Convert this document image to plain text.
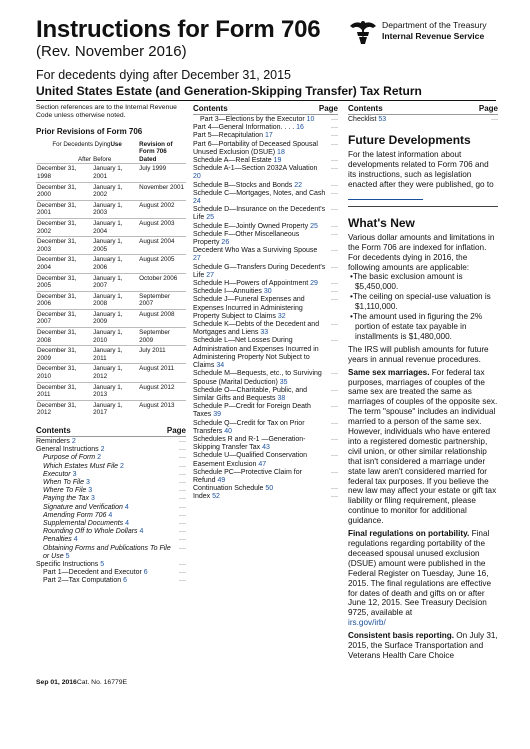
Instructions for Form 706
(Rev. November 2016)
For decedents dying after December 31, 2015
United States Estate (and Generation-Skipping Transfer) Tax Return
Department of the Treasury
Internal Revenue Service
Section references are to the Internal Revenue Code unless otherwise noted.
Prior Revisions of Form 706
For Decedents DyingUse		Revision of
Form 706

After	Before	Dated
December 31, 1998	January 1, 2001	July 1999
December 31, 2000	January 1, 2002	November 2001
December 31, 2001	January 1, 2003	August 2002
December 31, 2002	January 1, 2004	August 2003
December 31, 2003	January 1, 2005	August 2004
December 31, 2004	January 1, 2006	August 2005
December 31, 2005	January 1, 2007	October 2006
December 31, 2006	January 1, 2008	September 2007
December 31, 2007	January 1, 2009	August 2008
December 31, 2008	January 1, 2010	September 2009
December 31, 2009	January 1, 2011	July 2011
December 31, 2010	January 1, 2012	August 2011
December 31, 2011	January 1, 2013	August 2012
December 31, 2012	January 1, 2017	August 2013
Contents	Page
Reminders 2	—
General Instructions 2	—
Purpose of Form 2	—
Which Estates Must File 2	—
Executor 3	—
When To File 3	—
Where To File 3	—
Paying the Tax 3	—
Signature and Verification 4	—
Amending Form 706 4	—
Supplemental Documents 4	—
Rounding Off to Whole Dollars 4	—
Penalties 4	—
Obtaining Forms and Publications To File or Use 5
—
Specific Instructions 5	—
Part 1—Decedent and Executor 6	—
Part 2—Tax Computation 6	—
Contents	Page
Part 3—Elections by the Executor 10 —
Part 4—General Information. . . . 16	—
Part 5—Recapitulation 17	—
Part 6—Portability of Deceased Spousal Unused Exclusion (DSUE) 18
—
Schedule A—Real Estate 19	—
Schedule A-1—Section 2032A Valuation 20
—
Schedule B—Stocks and Bonds 22	—
Schedule C—Mortgages, Notes, and Cash 24
—
Schedule D—Insurance on the Decedent's Life 25
—
Schedule E—Jointly Owned Property 25 —
Schedule F—Other Miscellaneous Property 26
—
Decedent Who Was a Surviving Spouse 27
—
Schedule G—Transfers During Decedent's Life 27
—
Schedule H—Powers of Appointment 29 —
Schedule I—Annuities 30	—
Schedule J—Funeral Expenses and Expenses Incurred in Administering Property Subject to Claims 32
—
Schedule K—Debts of the Decedent and Mortgages and Liens 33
—
Schedule L—Net Losses During Administration and Expenses Incurred in Administering Property Not Subject to Claims 34
—
Schedule M—Bequests, etc., to Surviving Spouse (Marital Deduction) 35
—
Schedule O—Charitable, Public, and Similar Gifts and Bequests 38
—
Schedule P—Credit for Foreign Death Taxes 39
—
Schedule Q—Credit for Tax on Prior Transfers 40
—
Schedules R and R-1 —Generation-Skipping Transfer Tax 43
—
Schedule U—Qualified Conservation Easement Exclusion 47
—
Schedule PC—Protective Claim for Refund 49
—
Continuation Schedule 50	—
Index 52	—
Contents	Page
Checklist 53	—
Future Developments

For the latest information about developments related to Form 706 and its instructions, such as legislation enacted after they were published, go to

What's New

Various dollar amounts and limitations in the Form 706 are indexed for inflation. For decedents dying in 2016, the following amounts are applicable:

• The basic exclusion amount is $5,450,000.
• The ceiling on special-use valuation is $1,110,000.
• The amount used in figuring the 2% portion of estate tax payable in installments is $1,480,000.

The IRS will publish amounts for future years in annual revenue procedures.

Same sex marriages. For federal tax purposes, marriages of couples of the same sex are treated the same as marriages of couples of the opposite sex. The term "spouse" includes an individual married to a person of the same sex. However, individuals who have entered into a registered domestic partnership, civil union, or other similar relationship that isn't considered a marriage under state law aren't considered married for federal tax purposes. If you believe the new law may affect your estate or gift tax liability or filing requirement, please continue to monitor for additional guidance.

Final regulations on portability. Final regulations regarding portability of the deceased spousal unused exclusion (DSUE) amount were published in the Federal Register on Tuesday, June 16, 2015. The final regulations are effective for dates of death and gifts on or after June 12, 2015. See Treasury Decision 9725, available at

irs.gov/irb/

Consistent basis reporting. On July 31, 2015, the Surface Transportation and Veterans Health Care Choice

Sep 01, 2016Cat. No. 16779E
